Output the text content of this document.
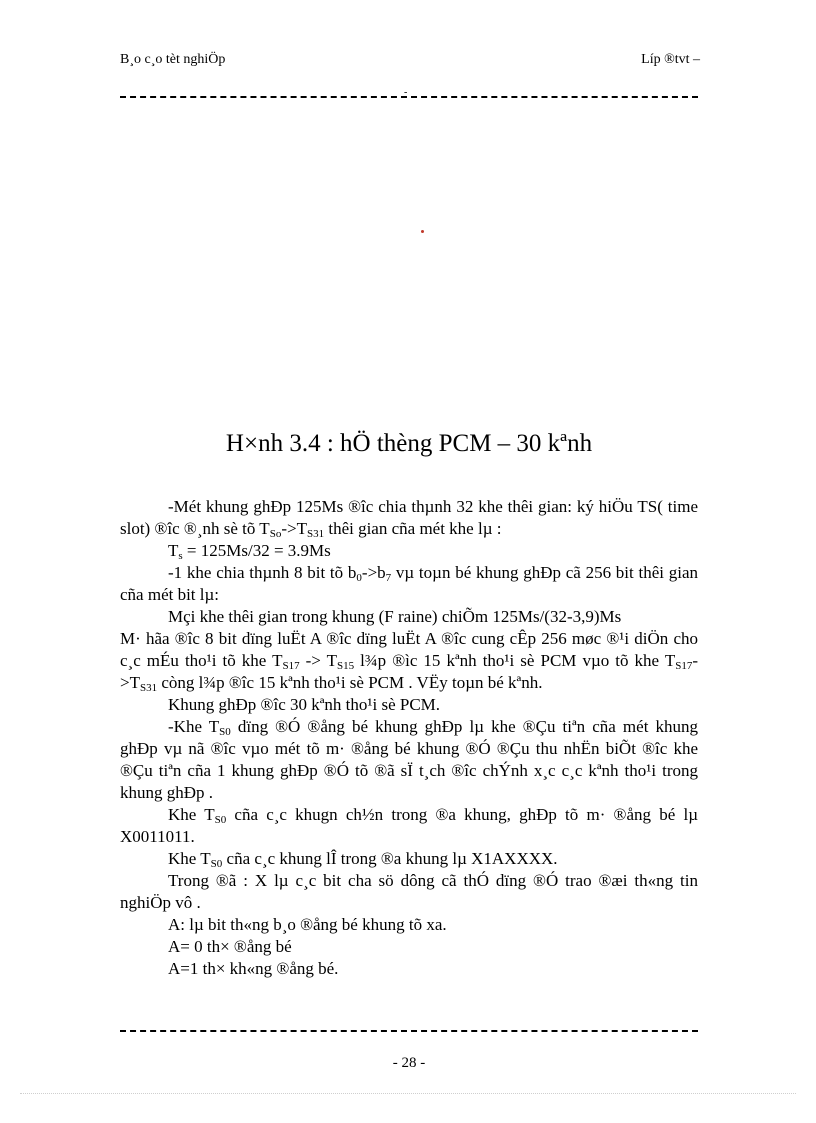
B¸o c¸o tèt nghiÖp	Líp ®tvt –
-
H×nh 3.4 : hÖ thèng PCM – 30 kªnh

-Mét khung ghÐp 125Ms ®îc chia thµnh 32 khe thêi gian: ký hiÖu TS( time slot) ®îc ®¸nh sè tõ $T_{So}->T_{S31}$ thêi gian cña mét khe lµ :

$T_s = 125Ms/32 = 3.9Ms$

-1 khe chia thµnh 8 bit tõ $b_0->b_7$ vµ toµn bé khung ghÐp cã 256 bit thêi gian cña mét bit lµ:

Mçi khe thêi gian trong khung (F raine) chiÕm 125Ms/(32-3,9)Ms

M· hãa ®îc 8 bit dïng luËt A ®îc dïng luËt A ®îc cung cÊp 256 møc ®¹i diÖn cho c¸c mÉu tho¹i tõ khe $T_{S17} -> T_{S15}$ l¾p ®ìc 15 kªnh tho¹i sè PCM vµo tõ khe $T_{S17}->T_{S31}$ còng l¾p ®îc 15 kªnh tho¹i sè PCM . VËy toµn bé kªnh.

Khung ghÐp ®îc 30 kªnh tho¹i sè PCM.

-Khe $T_{S0}$ dïng ®Ó ®ång bé khung ghÐp lµ khe ®Çu tiªn cña mét khung ghÐp vµ nã ®îc vµo mét tõ m· ®ång bé khung ®Ó ®Çu thu nhËn biÕt ®îc khe ®Çu tiªn cña 1 khung ghÐp ®Ó tõ ®ã sÏ t¸ch ®îc chÝnh x¸c c¸c kªnh tho¹i trong khung ghÐp .

Khe $T_{S0}$ cña c¸c khugn ch½n trong ®a khung, ghÐp tõ m· ®ång bé lµ X0011011.

Khe $T_{S0}$ cña c¸c khung lÎ trong ®a khung lµ X1AXXXX.

Trong ®ã : X lµ c¸c bit cha sö dông cã thÓ dïng ®Ó trao ®æi th«ng tin nghiÖp vô .

A: lµ bit th«ng b¸o ®ång bé khung tõ xa.

A= 0 th× ®ång bé

A=1 th× kh«ng ®ång bé.

- 28 -
